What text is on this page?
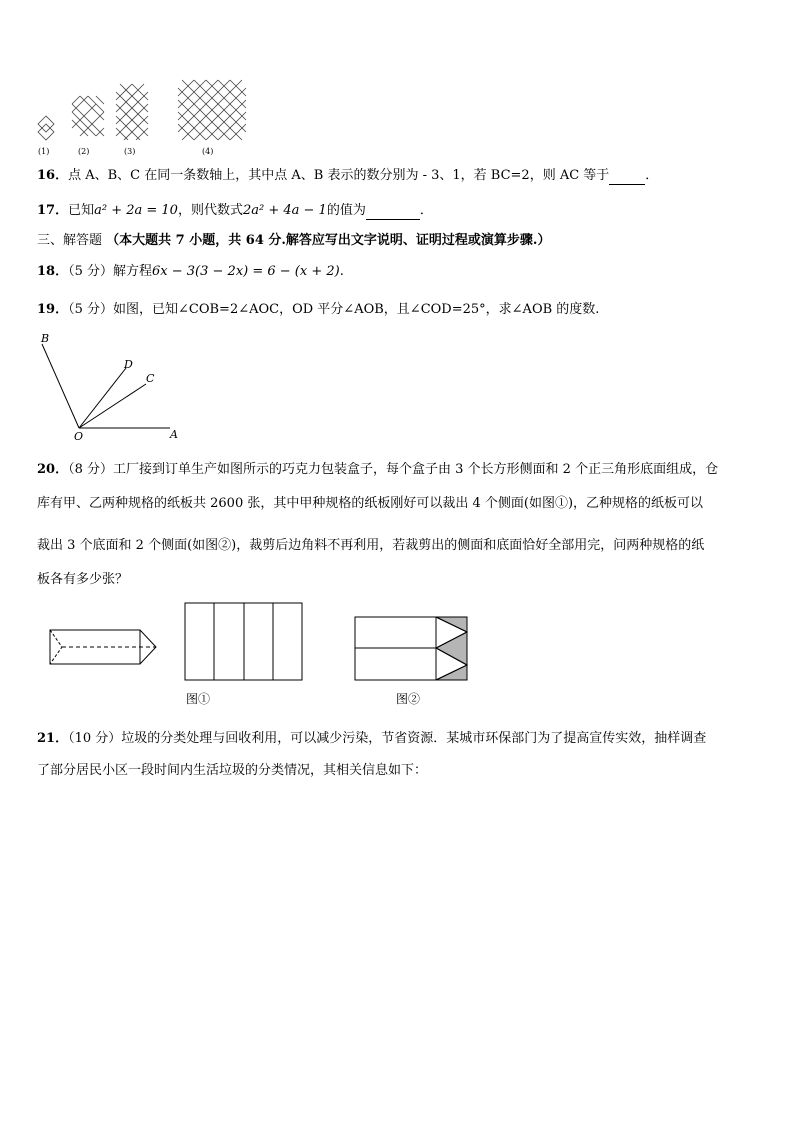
(1)	(2)	(3)	(4)
16．点 A、B、C 在同一条数轴上，其中点 A、B 表示的数分别为 - 3、1，若 BC=2，则 AC 等于	．
17．已知a² + 2a = 10，则代数式2a² + 4a − 1的值为	．
三、解答题 （本大题共 7 小题，共 64 分.解答应写出文字说明、证明过程或演算步骤.）
18．（5 分）解方程6x − 3(3 − 2x) = 6 − (x + 2).
19．（5 分）如图，已知∠COB=2∠AOC，OD 平分∠AOB，且∠COD=25°，求∠AOB 的度数.
B
D
C
O	A
20．（8 分）工厂接到订单生产如图所示的巧克力包装盒子，每个盒子由 3 个长方形侧面和 2 个正三角形底面组成，仓
库有甲、乙两种规格的纸板共 2600 张，其中甲种规格的纸板刚好可以裁出 4 个侧面(如图①)，乙种规格的纸板可以
裁出 3 个底面和 2 个侧面(如图②)，裁剪后边角料不再利用，若裁剪出的侧面和底面恰好全部用完，问两种规格的纸
板各有多少张？
图①	图②
21．（10 分）垃圾的分类处理与回收利用，可以减少污染，节省资源．某城市环保部门为了提高宣传实效，抽样调查
了部分居民小区一段时间内生活垃圾的分类情况，其相关信息如下：
